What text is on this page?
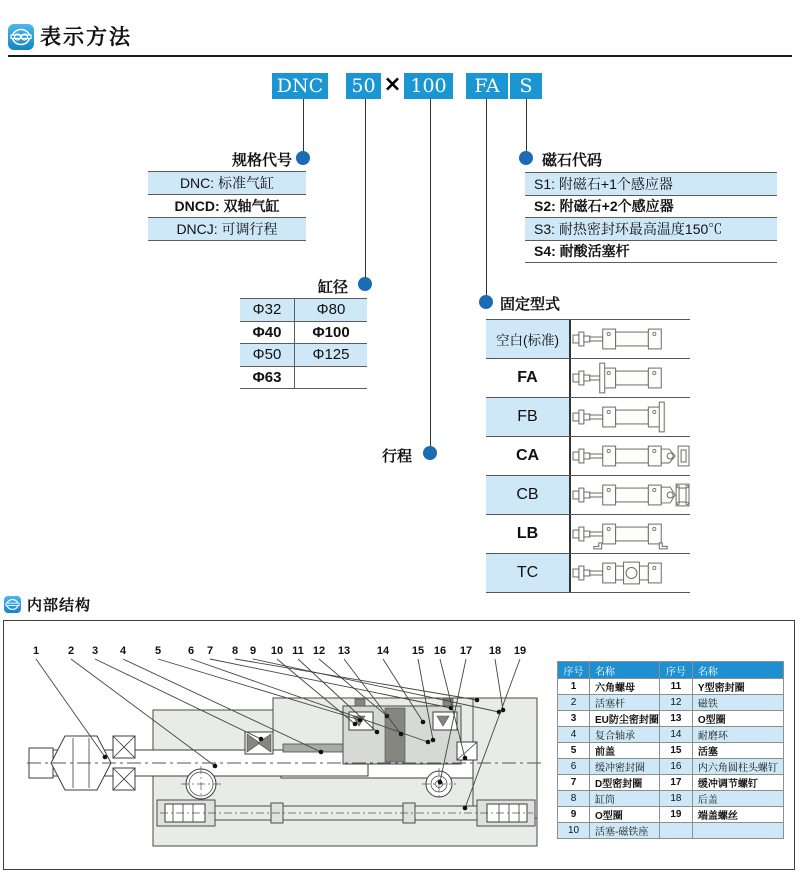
表示方法
DNC 50 × 100	FA	S
规格代号
缸径
行程
磁石代码
固定型式
DNC: 标准气缸
DNCD: 双轴气缸
DNCJ: 可调行程
Φ32	Φ80
Φ40	Φ100
Φ50	Φ125
Φ63
S1: 附磁石+1个感应器
S2: 附磁石+2个感应器
S3: 耐热密封环最高温度150℃
S4: 耐酸活塞杆
空白(标准)
FA
FB
CA
CB
LB
TC
内部结构
1	2 3 4	5 6 7 8 9 10 11 12 13 14 15 16 17 18 19
序号	名称	序号	名称
1	六角螺母	11	Y型密封圈
2	活塞杆	12	磁铁
3	EU防尘密封圈	13	O型圈
4	复合轴承	14	耐磨环
5	前盖	15	活塞
6	缓冲密封圈	16	内六角圆柱头螺钉
7	D型密封圈	17	缓冲调节螺钉
8	缸筒	18	后盖
9	O型圈	19	端盖螺丝
10	活塞-磁铁座		
